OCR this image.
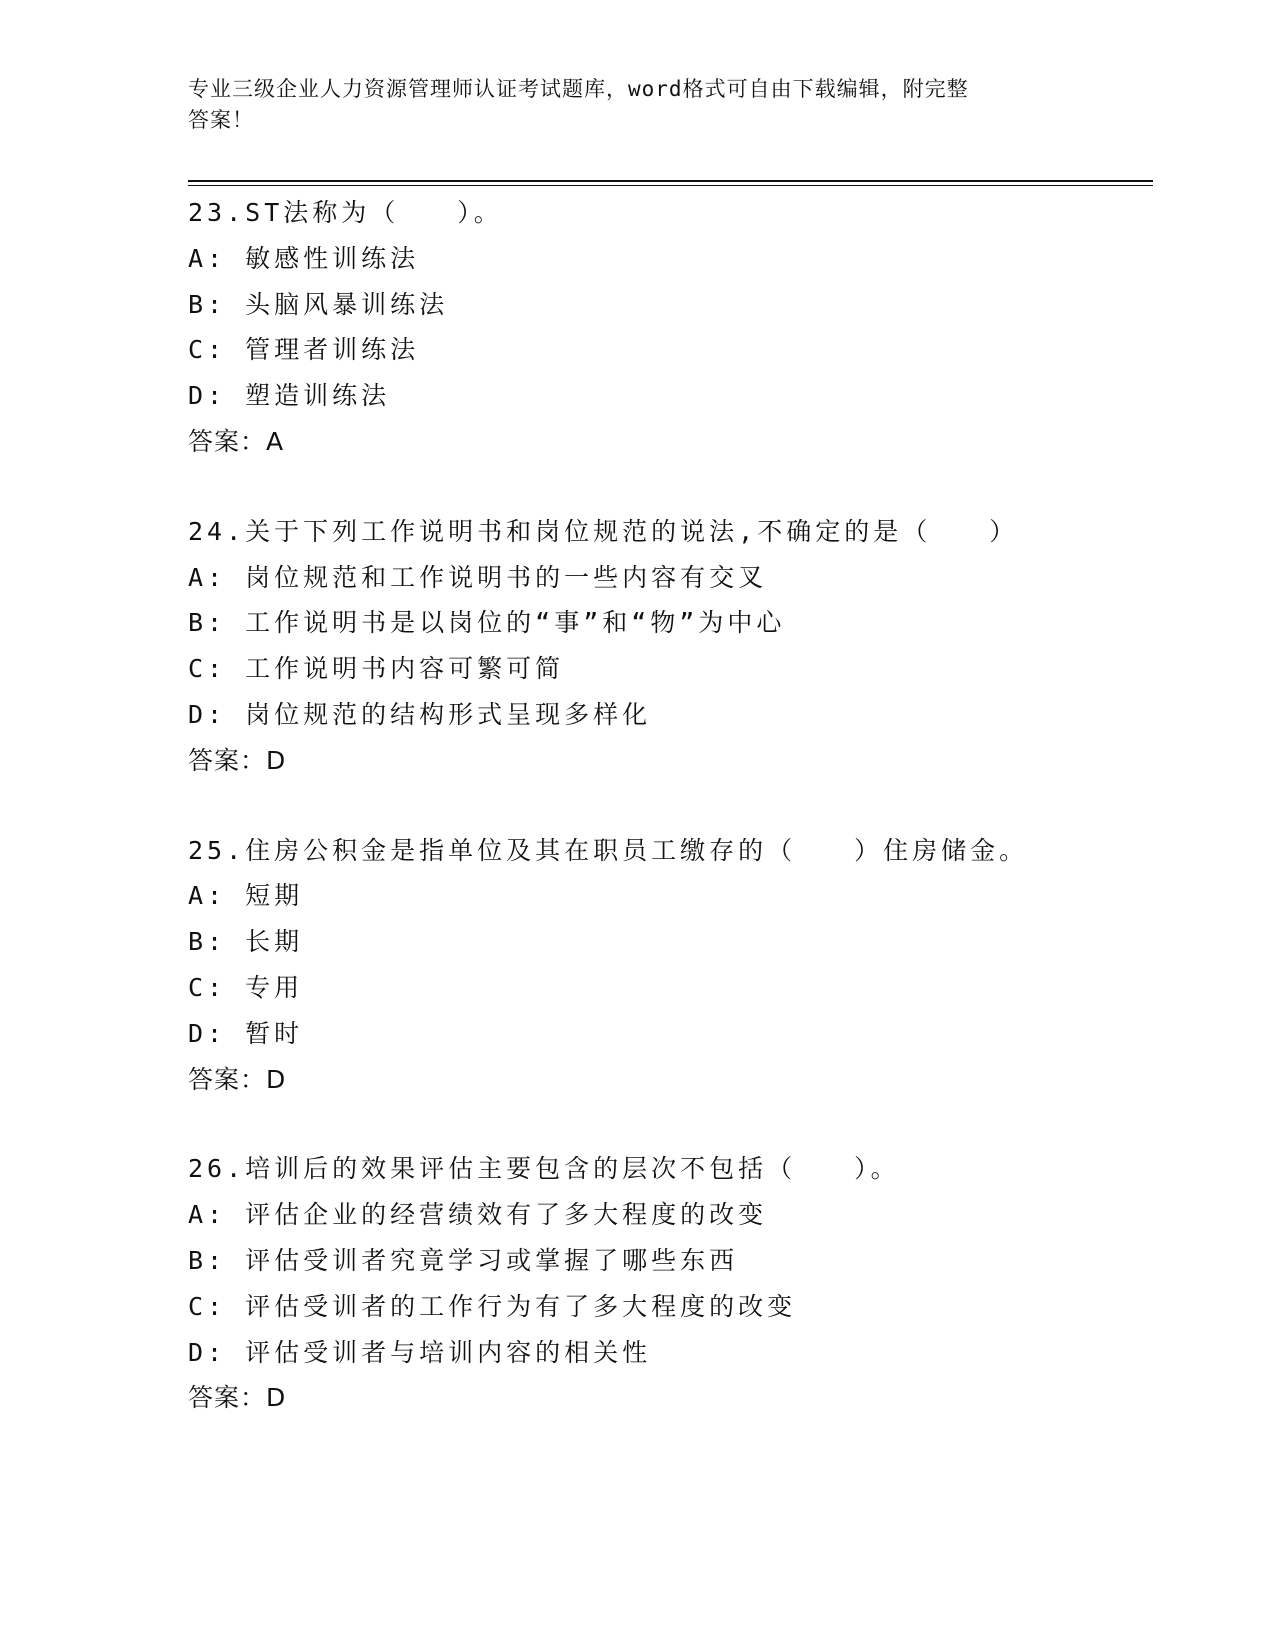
专业三级企业人力资源管理师认证考试题库，word格式可自由下载编辑，附完整
答案！
23.ST法称为（　　）。
A: 敏感性训练法
B: 头脑风暴训练法
C: 管理者训练法
D: 塑造训练法
答案：A
24.关于下列工作说明书和岗位规范的说法,不确定的是（　　）
A: 岗位规范和工作说明书的一些内容有交叉
B: 工作说明书是以岗位的“事”和“物”为中心
C: 工作说明书内容可繁可简
D: 岗位规范的结构形式呈现多样化
答案：D
25.住房公积金是指单位及其在职员工缴存的（　　）住房储金。
A: 短期
B: 长期
C: 专用
D: 暂时
答案：D
26.培训后的效果评估主要包含的层次不包括（　　）。
A: 评估企业的经营绩效有了多大程度的改变
B: 评估受训者究竟学习或掌握了哪些东西
C: 评估受训者的工作行为有了多大程度的改变
D: 评估受训者与培训内容的相关性
答案：D
